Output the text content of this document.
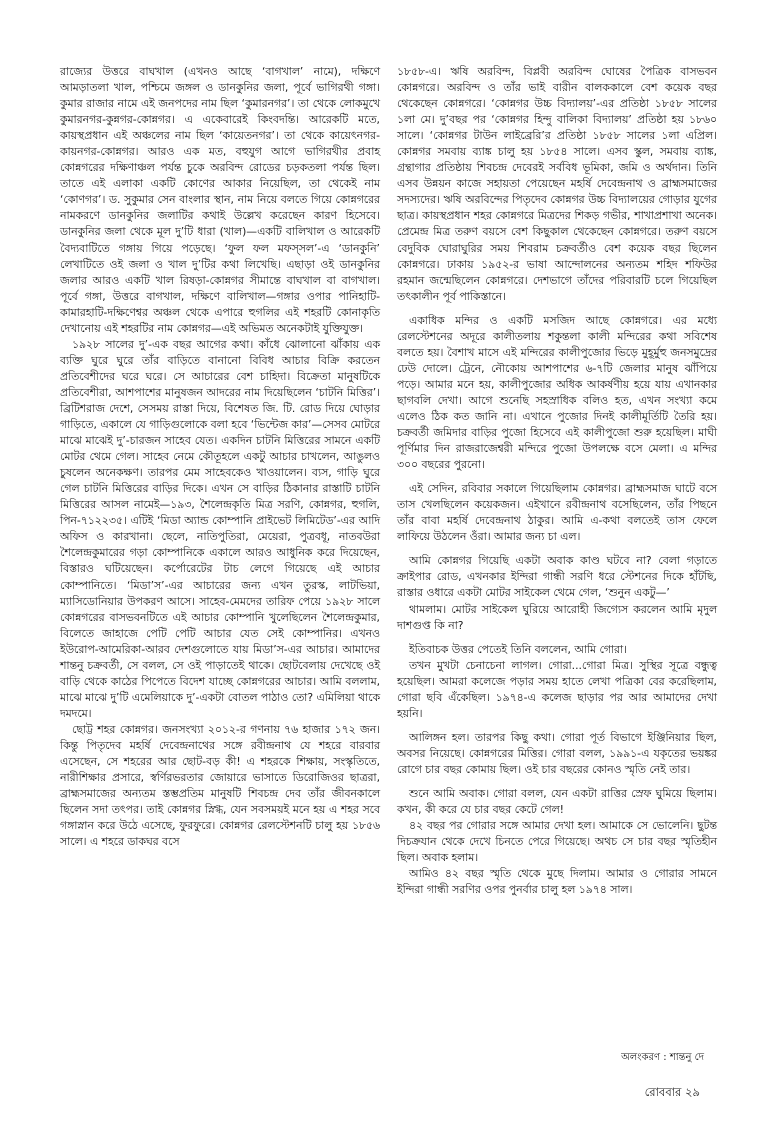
রাজ্যের উত্তরে বাঘখাল (এখনও আছে ‘বাগখাল’ নামে), দক্ষিণে আমড়াতলা খাল, পশ্চিমে জঙ্গল ও ডানকুনির জলা, পূর্বে ভাগিরথী গঙ্গা। কুমার রাজার নামে এই জনপদের নাম ছিল ‘কুমারনগর’। তা থেকে লোকমুখে কুমারনগর-কুন্নগর-কোন্নগর। এ একেবারেই কিংবদন্তি। আরেকটি মতে, কায়স্থপ্রধান এই অঞ্চলের নাম ছিল ‘কায়েতনগর’। তা থেকে কায়েৎনগর-কায়নগর-কোন্নগর। আরও এক মত, বহুযুগ আগে ভাগিরথীর প্রবাহ কোন্নগরের দক্ষিণাঞ্চল পর্যন্ত চুকে অরবিন্দ রোডের চড়কতলা পর্যন্ত ছিল। তাতে এই এলাকা একটি কোণের আকার নিয়েছিল, তা থেকেই নাম ‘কোণগর’। ড. সুকুমার সেন বাংলার স্থান, নাম নিয়ে বলতে গিয়ে কোন্নগরের নামকরণে ডানকুনির জলাটির কথাই উল্লেখ করেছেন কারণ হিসেবে। ডানকুনির জলা থেকে মূল দু’টি ধারা (খাল)—একটি বালিখাল ও আরেকটি বৈদ্যবাটিতে গঙ্গায় গিয়ে পড়েছে। ‘ফুল ফল মফস্সল’-এ ‘ডানকুনি’ লেখাটিতে ওই জলা ও খাল দু’টির কথা লিখেছি। এছাড়া ওই ডানকুনির জলার আরও একটি খাল রিষড়া-কোন্নগর সীমান্তে বাঘখাল বা বাগখাল। পূর্বে গঙ্গা, উত্তরে বাগখাল, দক্ষিণে বালিখাল—গঙ্গার ওপার পানিহাটি-কামারহাটি-দক্ষিণেশ্বর অঞ্চল থেকে এপারে হুগলির এই শহরটি কোনাকৃতি দেখানোয় এই শহরটির নাম কোন্নগর—এই অভিমত অনেকটাই যুক্তিযুক্ত।

১৯২৮ সালের দু’-এক বছর আগের কথা। কাঁধে ঝোলানো ঝাঁকায় এক ব্যক্তি ঘুরে ঘুরে তাঁর বাড়িতে বানানো বিবিধ আচার বিক্রি করতেন প্রতিবেশীদের ঘরে ঘরে। সে আচারের বেশ চাহিদা। বিক্রেতা মানুষটিকে প্রতিবেশীরা, আশপাশের মানুষজন আদরের নাম দিয়েছিলেন ‘চাটনি মিত্তির’। ব্রিটিশরাজ দেশে, সেসময় রাস্তা দিয়ে, বিশেষত জি. টি. রোড দিয়ে ঘোড়ার গাড়িতে, একালে যে গাড়িগুলোকে বলা হবে ‘ভিন্টেজ কার’—সেসব মোটরে মাঝে মাঝেই দু’-চারজন সাহেব যেত। একদিন চাটনি মিত্তিরের সামনে একটি মোটর থেমে গেল। সাহেব নেমে কৌতূহলে একটু আচার চাখলেন, আঙুলও চুষলেন অনেকক্ষণ। তারপর মেম সাহেবকেও খাওয়ালেন। ব্যস, গাড়ি ঘুরে গেল চাটনি মিত্তিরের বাড়ির দিকে। এখন সে বাড়ির ঠিকানার রাস্তাটি চাটনি মিত্তিরের আসল নামেই—১৯৩, শৈলেন্দ্রকৃতি মিত্র সরণি, কোন্নগর, হুগলি, পিন-৭১২২৩৫। এটিই ‘মিডা অ্যান্ড কোম্পানি প্রাইভেট লিমিটেড’-এর আদি অফিস ও কারখানা। ছেলে, নাতিপুতিরা, মেয়েরা, পুত্রবধূ, নাতবউরা শৈলেন্দ্রকুমারের গড়া কোম্পানিকে একালে আরও আধুনিক করে দিয়েছেন, বিস্তারও ঘটিয়েছেন। কর্পোরেটের টাচ লেগে গিয়েছে এই আচার কোম্পানিতে। ‘মিডা’স’-এর আচারের জন্য এখন তুরস্ক, লাটভিয়া, ম্যাসিডোনিয়ার উপকরণ আসে। সাহেব-মেমদের তারিফ পেয়ে ১৯২৮ সালে কোন্নগরের বাসভবনটিতে এই আচার কোম্পানি খুলেছিলেন শৈলেন্দ্রকুমার, বিলেতে জাহাজে পেটি পেটি আচার যেত সেই কোম্পানির। এখনও ইউরোপ-আমেরিকা-আরব দেশগুলোতে যায় মিডা’স-এর আচার। আমাদের শান্তনু চক্রবর্তী, সে বলল, সে ওই পাড়াতেই থাকে। ছোটবেলায় দেখেছে ওই বাড়ি থেকে কাঠের পিপেতে বিদেশ যাচ্ছে কোন্নগরের আচার। আমি বললাম, মাঝে মাঝে দু’টি এমেলিয়াকে দু’-একটা বোতল পাঠাও তো? এমিলিয়া থাকে দমদমে।

ছোট্ট শহর কোন্নগর। জনসংখ্যা ২০১২-র গণনায় ৭৬ হাজার ১৭২ জন। কিন্তু পিতৃদেব মহর্ষি দেবেন্দ্রনাথের সঙ্গে রবীন্দ্রনাথ যে শহরে বারবার এসেছেন, সে শহরের আর ছোট-বড় কী! এ শহরকে শিক্ষায়, সংস্কৃতিতে, নারীশিক্ষার প্রসারে, স্বর্ণিরভরতার জোয়ারে ভাসাতে ডিরোজিওর ছাত্ররা, ব্রাহ্মসমাজের অন্যতম স্তম্ভপ্রতিম মানুষটি শিবচন্দ্র দেব তাঁর জীবনকালে ছিলেন সদা তৎপর। তাই কোন্নগর স্নিগ্ধ, যেন সবসময়ই মনে হয় এ শহর সবে গঙ্গাস্নান করে উঠে এসেছে, ফুরফুরে। কোন্নগর রেলস্টেশনটি চালু হয় ১৮৫৬ সালে। এ শহরে ডাকঘর বসে

১৮৫৮-এ। ঋষি অরবিন্দ, বিপ্লবী অরবিন্দ ঘোষের পৈত্রিক বাসভবন কোন্নগরে। অরবিন্দ ও তাঁর ভাই বারীন বালককালে বেশ কয়েক বছর থেকেছেন কোন্নগরে। ‘কোন্নগর উচ্চ বিদ্যালয়’-এর প্রতিষ্ঠা ১৮৫৮ সালের ১লা মে। দু’বছর পর ‘কোন্নগর হিন্দু বালিকা বিদ্যালয়’ প্রতিষ্ঠা হয় ১৮৬০ সালে। ‘কোন্নগর টাউন লাইব্রেরি’র প্রতিষ্ঠা ১৮৫৮ সালের ১লা এপ্রিল। কোন্নগর সমবায় ব্যাঙ্ক চালু হয় ১৮৫৪ সালে। এসব স্কুল, সমবায় ব্যাঙ্ক, গ্রন্থাগার প্রতিষ্ঠায় শিবচন্দ্র দেবেরই সর্ববিধ ভূমিকা, জমি ও অর্থদান। তিনি এসব উন্নয়ন কাজে সহায়তা পেয়েছেন মহর্ষি দেবেন্দ্রনাথ ও ব্রাহ্মসমাজের সদস্যদের। ঋষি অরবিন্দের পিতৃদেব কোন্নগর উচ্চ বিদ্যালয়ের গোড়ার যুগের ছাত্র। কায়স্থপ্রধান শহর কোন্নগরে মিত্রদের শিকড় গভীর, শাখাপ্রশাখা অনেক। প্রেমেন্দ্র মিত্র তরুণ বয়সে বেশ কিছুকাল থেকেছেন কোন্নগরে। তরুণ বয়সে বেদুবিক ঘোরাঘুরির সময় শিবরাম চক্রবর্তীও বেশ কয়েক বছর ছিলেন কোন্নগরে। ঢাকায় ১৯৫২-র ভাষা আন্দোলনের অন্যতম শহিদ শফিউর রহমান জন্মেছিলেন কোন্নগরে। দেশভাগে তাঁদের পরিবারটি চলে গিয়েছিল তৎকালীন পূর্ব পাকিস্তানে।

একাধিক মন্দির ও একটি মসজিদ আছে কোন্নগরে। এর মধ্যে রেলস্টেশনের অদূরে কালীতলায় শকুন্তলা কালী মন্দিরের কথা সবিশেষ বলতে হয়। বৈশাখ মাসে এই মন্দিরের কালীপুজোর ভিড়ে মুহূর্মুহু জনসমুদ্রের ঢেউ দোলে। ট্রেনে, নৌকোয় আশপাশের ৬-৭টি জেলার মানুষ ঝাঁপিয়ে পড়ে। আমার মনে হয়, কালীপুজোর অধিক আকর্ষণীয় হয়ে যায় এখানকার ছাগবলি দেখা। আগে শুনেছি সহস্রাধিক বলিও হত, এখন সংখ্যা কমে এলেও ঠিক কত জানি না। এখানে পুজোর দিনই কালীমূর্তিটি তৈরি হয়। চক্রবর্তী জমিদার বাড়ির পুজো হিসেবে এই কালীপুজো শুরু হয়েছিল। মাঘী পূর্ণিমার দিন রাজরাজেশ্বরী মন্দিরে পুজো উপলক্ষে বসে মেলা। এ মন্দির ৩০০ বছরের পুরনো।

এই সেদিন, রবিবার সকালে গিয়েছিলাম কোন্নগর। ব্রাহ্মসমাজ ঘাটে বসে তাস খেলছিলেন কয়েকজন। এইখানে রবীন্দ্রনাথ বসেছিলেন, তাঁর পিছনে তাঁর বাবা মহর্ষি দেবেন্দ্রনাথ ঠাকুর। আমি এ-কথা বলতেই তাস ফেলে লাফিয়ে উঠলেন ওঁরা। আমার জন্য চা এল।

আমি কোন্নগর গিয়েছি একটা অবাক কাণ্ড ঘটবে না? বেলা গড়াতে ক্রাইপার রোড, এখনকার ইন্দিরা গান্ধী সরণি ধরে স্টেশনের দিকে হাঁটছি, রাস্তার ওধারে একটা মোটর সাইকেল থেমে গেল, ‘শুনুন একটু—’

থামলাম। মোটর সাইকেল ঘুরিয়ে আরোহী জিগ্যেস করলেন আমি মৃদুল দাশগুপ্ত কি না?

ইতিবাচক উত্তর পেতেই তিনি বললেন, আমি গোরা।

তখন মুখটা চেনাচেনা লাগল। গোরা...গোরা মিত্র। সুস্থির সূত্রে বন্ধুত্ব হয়েছিল। আমরা কলেজে পড়ার সময় হাতে লেখা পত্রিকা বের করেছিলাম, গোরা ছবি এঁকেছিল। ১৯৭৪-এ কলেজ ছাড়ার পর আর আমাদের দেখা হয়নি।

আলিঙ্গন হল। তারপর কিছু কথা। গোরা পূর্ত বিভাগে ইঞ্জিনিয়ার ছিল, অবসর নিয়েছে। কোন্নগরের মিত্তির। গোরা বলল, ১৯৯১-এ যকৃতের ভয়ঙ্কর রোগে চার বছর কোমায় ছিল। ওই চার বছরের কোনও স্মৃতি নেই তার।

শুনে আমি অবাক। গোরা বলল, যেন একটা রাত্তির স্রেফ ঘুমিয়ে ছিলাম। কখন, কী করে যে চার বছর কেটে গেল!

৪২ বছর পর গোরার সঙ্গে আমার দেখা হল। আমাকে সে ভোলেনি। ছুটন্ত দিচক্রযান থেকে দেখে চিনতে পেরে গিয়েছে। অথচ সে চার বছর স্মৃতিহীন ছিল। অবাক হলাম।

আমিও ৪২ বছর স্মৃতি থেকে মুছে দিলাম। আমার ও গোরার সামনে ইন্দিরা গান্ধী সরণির ওপর পুনর্বার চালু হল ১৯৭৪ সাল।

অলংকরণ : শান্তনু দে
রোববার ২৯
